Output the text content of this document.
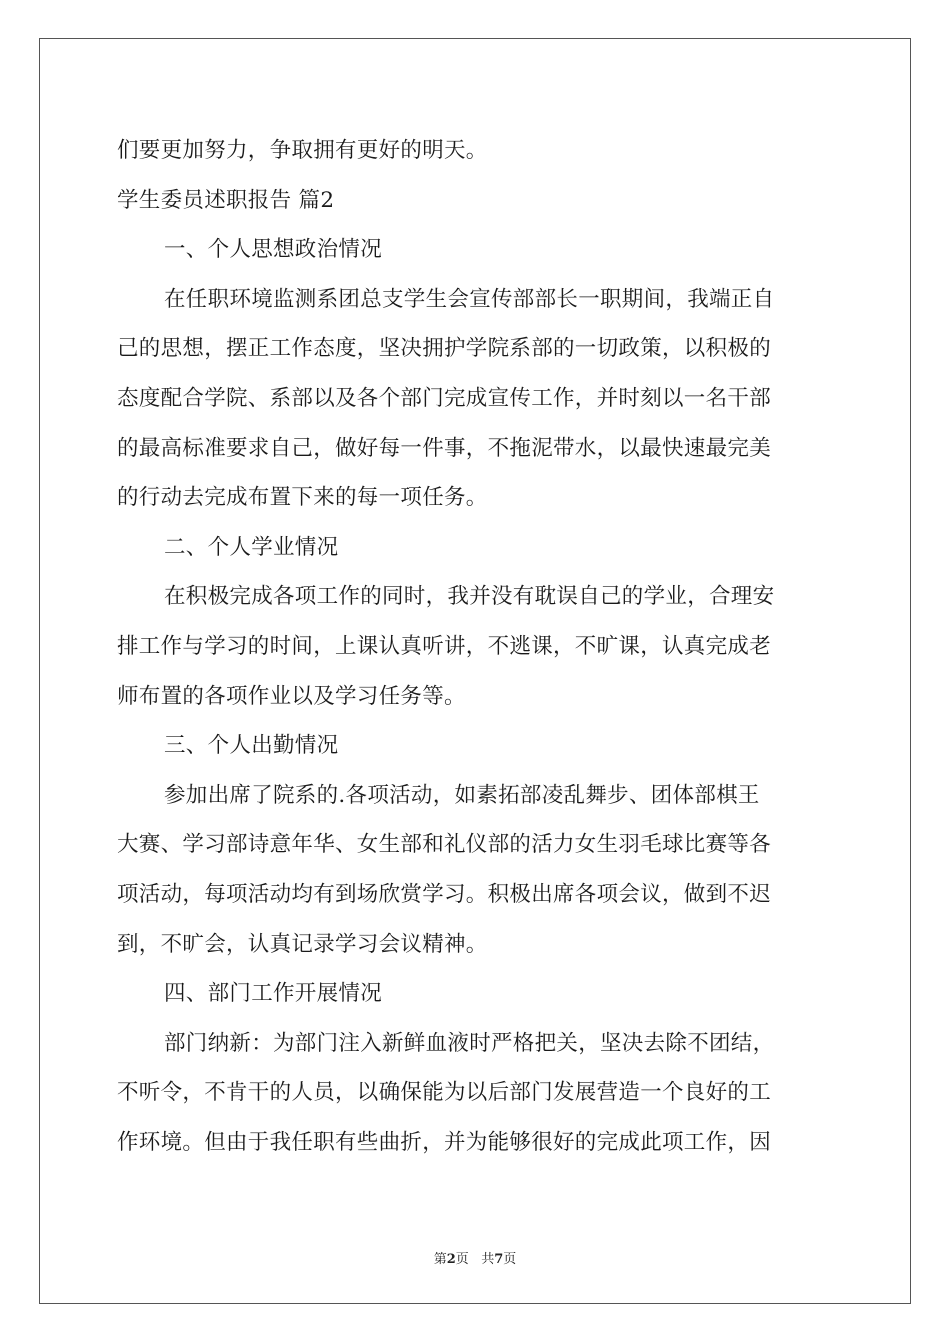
们要更加努力，争取拥有更好的明天。
学生委员述职报告 篇2
一、个人思想政治情况
在任职环境监测系团总支学生会宣传部部长一职期间，我端正自
己的思想，摆正工作态度，坚决拥护学院系部的一切政策，以积极的
态度配合学院、系部以及各个部门完成宣传工作，并时刻以一名干部
的最高标准要求自己，做好每一件事，不拖泥带水，以最快速最完美
的行动去完成布置下来的每一项任务。
二、个人学业情况
在积极完成各项工作的同时，我并没有耽误自己的学业，合理安
排工作与学习的时间，上课认真听讲，不逃课，不旷课，认真完成老
师布置的各项作业以及学习任务等。
三、个人出勤情况
参加出席了院系的.各项活动，如素拓部凌乱舞步、团体部棋王
大赛、学习部诗意年华、女生部和礼仪部的活力女生羽毛球比赛等各
项活动，每项活动均有到场欣赏学习。积极出席各项会议，做到不迟
到，不旷会，认真记录学习会议精神。
四、部门工作开展情况
部门纳新：为部门注入新鲜血液时严格把关，坚决去除不团结，
不听令，不肯干的人员，以确保能为以后部门发展营造一个良好的工
作环境。但由于我任职有些曲折，并为能够很好的完成此项工作，因
第2页 共7页
